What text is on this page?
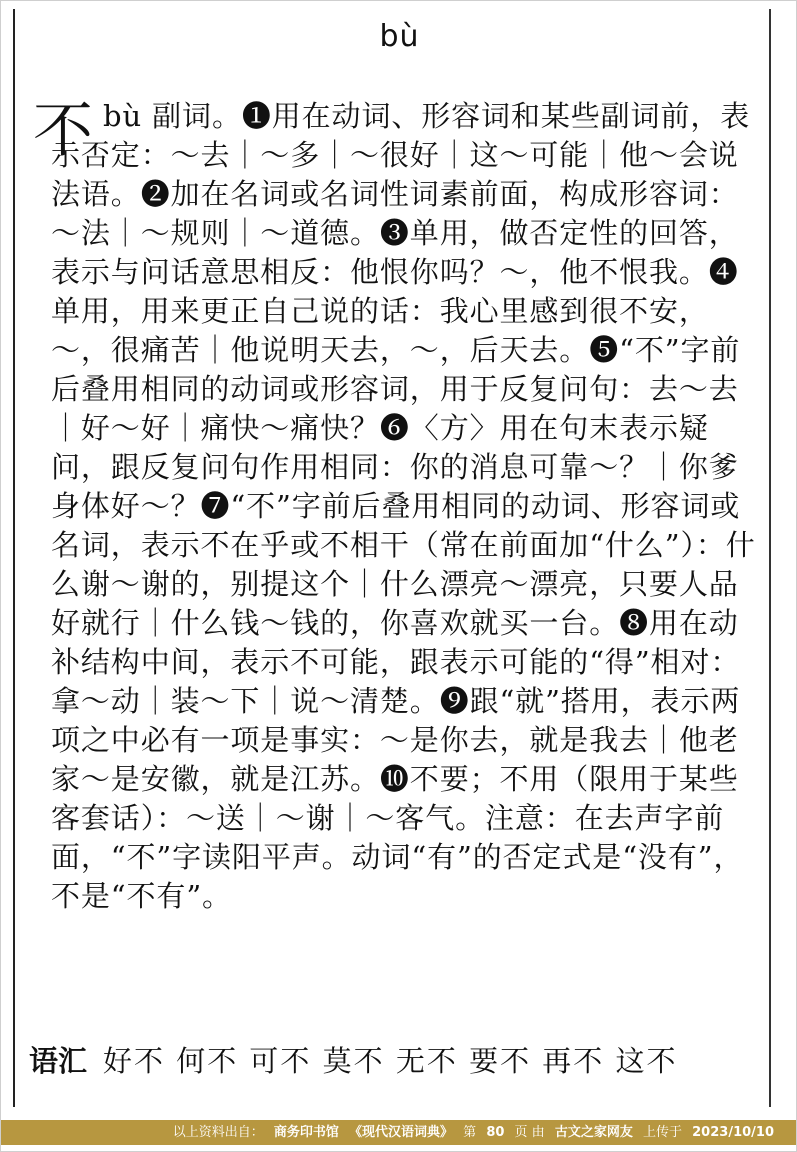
bù
不 bù 副词。❶用在动词、形容词和某些副词前，表示否定：～去｜～多｜～很好｜这～可能｜他～会说法语。❷加在名词或名词性词素前面，构成形容词：～法｜～规则｜～道德。❸单用，做否定性的回答，表示与问话意思相反：他恨你吗？～，他不恨我。❹单用，用来更正自己说的话：我心里感到很不安，～，很痛苦｜他说明天去，～，后天去。❺“不”字前后叠用相同的动词或形容词，用于反复问句：去～去｜好～好｜痛快～痛快？❻〈方〉用在句末表示疑问，跟反复问句作用相同：你的消息可靠～？｜你爹身体好～？❼“不”字前后叠用相同的动词、形容词或名词，表示不在乎或不相干（常在前面加“什么”）：什么谢～谢的，别提这个｜什么漂亮～漂亮，只要人品好就行｜什么钱～钱的，你喜欢就买一台。❽用在动补结构中间，表示不可能，跟表示可能的“得”相对：拿～动｜装～下｜说～清楚。❾跟“就”搭用，表示两项之中必有一项是事实：～是你去，就是我去｜他老家～是安徽，就是江苏。❿不要；不用（限用于某些客套话）：～送｜～谢｜～客气。注意：在去声字前面，“不”字读阳平声。动词“有”的否定式是“没有”，不是“不有”。

语汇 好不 何不 可不 莫不 无不 要不 再不 这不
以上资料出自： 商务印书馆 《现代汉语词典》 第 80 页 由 古文之家网友 上传于 2023/10/10
